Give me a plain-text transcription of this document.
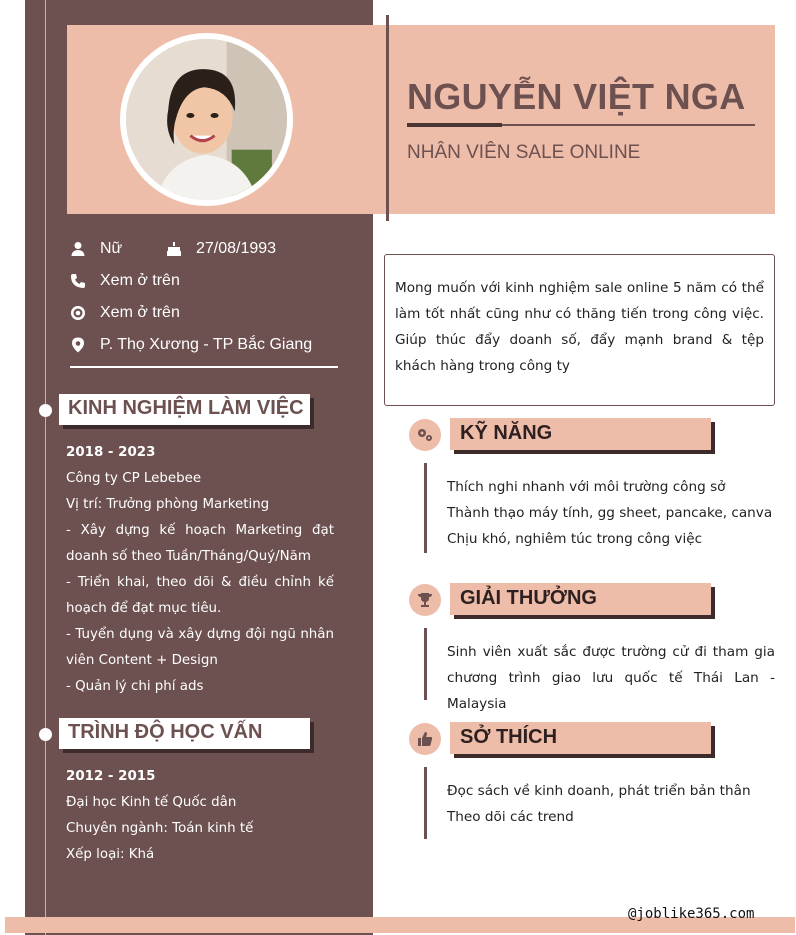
NGUYỄN VIỆT NGA
NHÂN VIÊN SALE ONLINE
Nữ	27/08/1993
Xem ở trên
Xem ở trên
P. Thọ Xương - TP Bắc Giang
KINH NGHIỆM LÀM VIỆC
2018 - 2023
Công ty CP Lebebee
Vị trí: Trưởng phòng Marketing
- Xây dựng kế hoạch Marketing đạt doanh số theo Tuần/Tháng/Quý/Năm
- Triển khai, theo dõi & điều chỉnh kế hoạch để đạt mục tiêu.
- Tuyển dụng và xây dựng đội ngũ nhân viên Content + Design
- Quản lý chi phí ads
TRÌNH ĐỘ HỌC VẤN
2012 - 2015
Đại học Kinh tế Quốc dân
Chuyên ngành: Toán kinh tế
Xếp loại: Khá
Mong muốn với kinh nghiệm sale online 5 năm có thể làm tốt nhất cũng như có thăng tiến trong công việc. Giúp thúc đẩy doanh số, đẩy mạnh brand & tệp khách hàng trong công ty
KỸ NĂNG
Thích nghi nhanh với môi trường công sở
Thành thạo máy tính, gg sheet, pancake, canva
Chịu khó, nghiêm túc trong công việc
GIẢI THƯỞNG
Sinh viên xuất sắc được trường cử đi tham gia chương trình giao lưu quốc tế Thái Lan - Malaysia
SỞ THÍCH
Đọc sách về kinh doanh, phát triển bản thân
Theo dõi các trend
@joblike365.com
